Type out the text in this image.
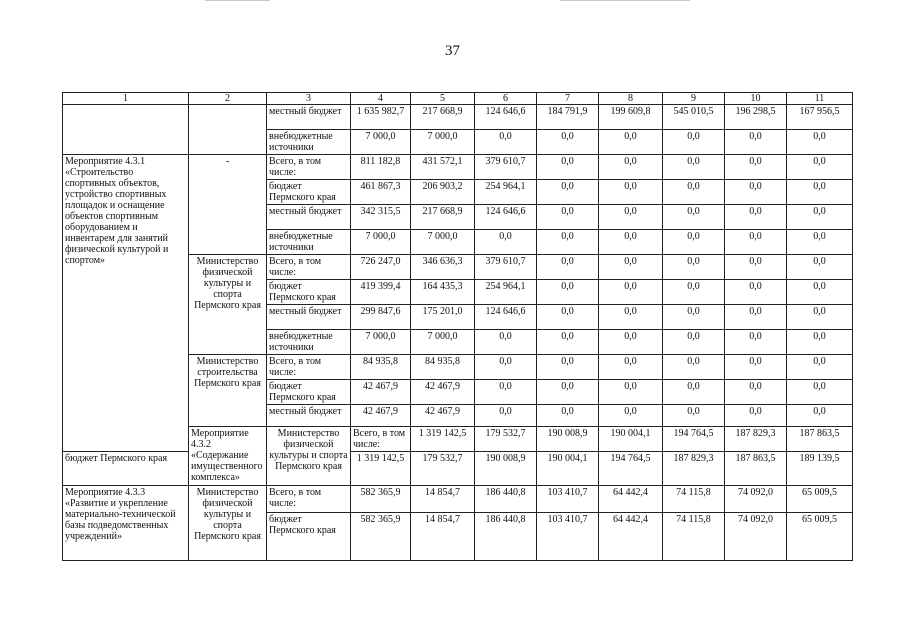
37
1	2	3	4	5	6	7	8	9	10	11	
		местный бюджет	1 635 982,7	217 668,9	124 646,6	184 791,9	199 609,8	545 010,5	196 298,5	167 956,5	
		внебюджетные источники	7 000,0	7 000,0	0,0	0,0	0,0	0,0	0,0	0,0	
Мероприятие 4.3.1 «Строительство спортивных объектов, устройство спортивных площадок и оснащение объектов спортивным оборудованием и инвентарем для занятий физической культурой и спортом»	-	Всего, в том числе:	811 182,8	431 572,1	379 610,7	0,0	0,0	0,0	0,0	0,0	
		бюджет Пермского края	461 867,3	206 903,2	254 964,1	0,0	0,0	0,0	0,0	0,0	
		местный бюджет	342 315,5	217 668,9	124 646,6	0,0	0,0	0,0	0,0	0,0	
		внебюджетные источники	7 000,0	7 000,0	0,0	0,0	0,0	0,0	0,0	0,0	
	Министерство физической культуры и спорта Пермского края	Всего, в том числе:	726 247,0	346 636,3	379 610,7	0,0	0,0	0,0	0,0	0,0	
		бюджет Пермского края	419 399,4	164 435,3	254 964,1	0,0	0,0	0,0	0,0	0,0	
		местный бюджет	299 847,6	175 201,0	124 646,6	0,0	0,0	0,0	0,0	0,0	
		внебюджетные источники	7 000,0	7 000,0	0,0	0,0	0,0	0,0	0,0	0,0	
	Министерство строительства Пермского края	Всего, в том числе:	84 935,8	84 935,8	0,0	0,0	0,0	0,0	0,0	0,0	
		бюджет Пермского края	42 467,9	42 467,9	0,0	0,0	0,0	0,0	0,0	0,0	
		местный бюджет	42 467,9	42 467,9	0,0	0,0	0,0	0,0	0,0	0,0	
	Мероприятие 4.3.2 «Содержание имущественного комплекса»	Министерство физической культуры и спорта Пермского края	Всего, в том числе:	1 319 142,5	179 532,7	190 008,9	190 004,1	194 764,5	187 829,3	187 863,5	
бюджет Пермского края			1 319 142,5	179 532,7	190 008,9	190 004,1	194 764,5	187 829,3	187 863,5	189 139,5	
Мероприятие 4.3.3 «Развитие и укрепление материально-технической базы подведомственных учреждений»	Министерство физической культуры и спорта Пермского края	Всего, в том числе:	582 365,9	14 854,7	186 440,8	103 410,7	64 442,4	74 115,8	74 092,0	65 009,5	
		бюджет Пермского края	582 365,9	14 854,7	186 440,8	103 410,7	64 442,4	74 115,8	74 092,0	65 009,5	
